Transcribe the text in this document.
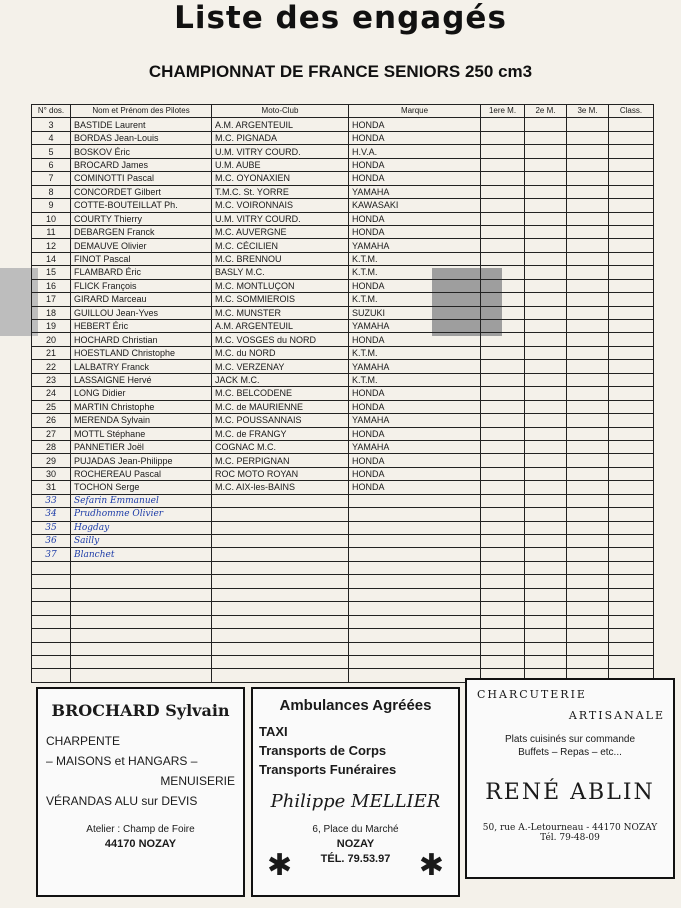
Liste des engagés
CHAMPIONNAT DE FRANCE SENIORS 250 cm3
N° dos.	Nom et Prénom des Pilotes	Moto-Club	Marque	1ere M.	2e M.	3e M.	Class.
3	BASTIDE Laurent	A.M. ARGENTEUIL	HONDA				
4	BORDAS Jean-Louis	M.C. PIGNADA	HONDA				
5	BOSKOV Éric	U.M. VITRY COURD.	H.V.A.				
6	BROCARD James	U.M. AUBE	HONDA				
7	COMINOTTI Pascal	M.C. OYONAXIEN	HONDA				
8	CONCORDET Gilbert	T.M.C. St. YORRE	YAMAHA				
9	COTTE-BOUTEILLAT Ph.	M.C. VOIRONNAIS	KAWASAKI				
10	COURTY Thierry	U.M. VITRY COURD.	HONDA				
11	DEBARGEN Franck	M.C. AUVERGNE	HONDA				
12	DEMAUVE Olivier	M.C. CÉCILIEN	YAMAHA				
14	FINOT Pascal	M.C. BRENNOU	K.T.M.				
15	FLAMBARD Éric	BASLY M.C.	K.T.M.				
16	FLICK François	M.C. MONTLUÇON	HONDA				
17	GIRARD Marceau	M.C. SOMMIEROIS	K.T.M.				
18	GUILLOU Jean-Yves	M.C. MUNSTER	SUZUKI				
19	HEBERT Éric	A.M. ARGENTEUIL	YAMAHA				
20	HOCHARD Christian	M.C. VOSGES du NORD	HONDA				
21	HOESTLAND Christophe	M.C. du NORD	K.T.M.				
22	LALBATRY Franck	M.C. VERZENAY	YAMAHA				
23	LASSAIGNE Hervé	JACK M.C.	K.T.M.				
24	LONG Didier	M.C. BELCODENE	HONDA				
25	MARTIN Christophe	M.C. de MAURIENNE	HONDA				
26	MERENDA Sylvain	M.C. POUSSANNAIS	YAMAHA				
27	MOTTL Stéphane	M.C. de FRANGY	HONDA				
28	PANNETIER Joël	COGNAC M.C.	YAMAHA				
29	PUJADAS Jean-Philippe	M.C. PERPIGNAN	HONDA				
30	ROCHEREAU Pascal	ROC MOTO ROYAN	HONDA				
31	TOCHON Serge	M.C. AIX-les-BAINS	HONDA				
33	Sefarin Emmanuel						
34	Prudhomme Olivier						
35	Hogday						
36	Sailly						
37	Blanchet						

BROCHARD Sylvain
CHARPENTE
– MAISONS et HANGARS –
MENUISERIE
VÉRANDAS ALU sur DEVIS
Atelier : Champ de Foire
44170 NOZAY
Ambulances Agréées
TAXI
Transports de Corps
Transports Funéraires
Philippe MELLIER
6, Place du Marché
NOZAY
TÉL. 79.53.97
✱	✱
CHARCUTERIE
ARTISANALE
Plats cuisinés sur commande
Buffets – Repas – etc...
RENÉ ABLIN
50, rue A.-Letourneau - 44170 NOZAY
Tél. 79-48-09
